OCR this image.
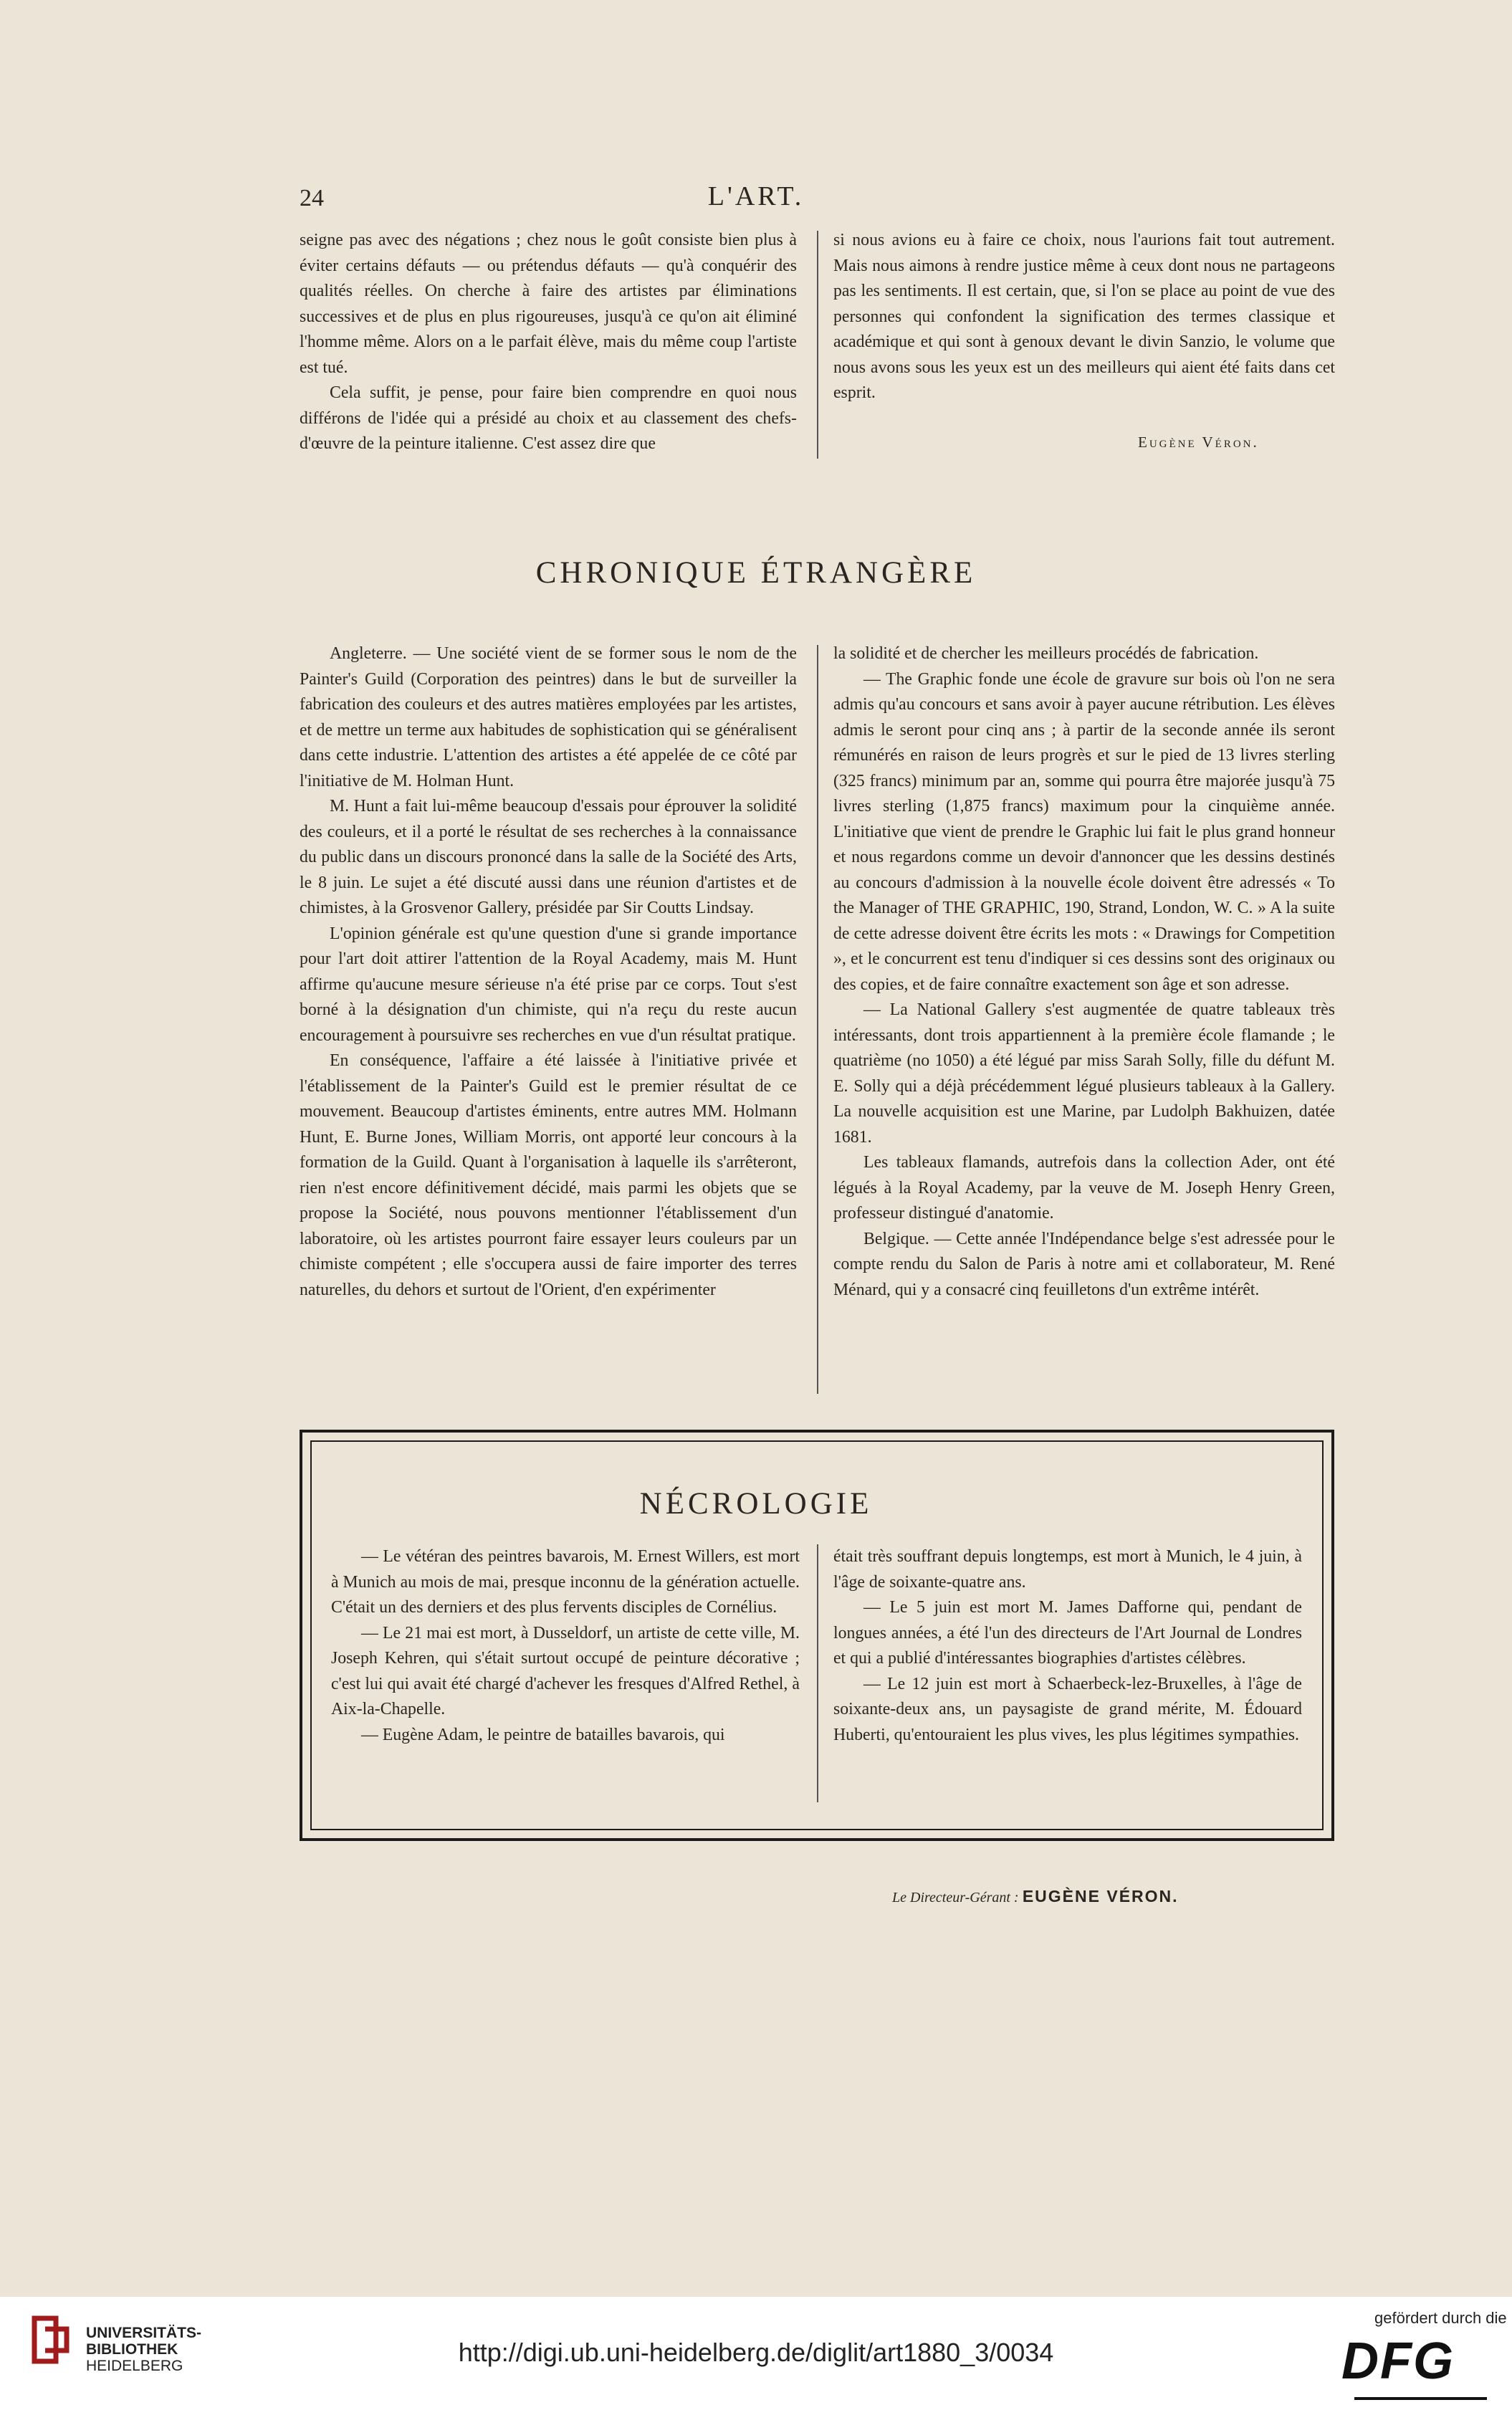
24	L'ART.

seigne pas avec des négations ; chez nous le goût consiste bien plus à éviter certains défauts — ou prétendus défauts — qu'à conquérir des qualités réelles. On cherche à faire des artistes par éliminations successives et de plus en plus rigoureuses, jusqu'à ce qu'on ait éliminé l'homme même. Alors on a le parfait élève, mais du même coup l'artiste est tué.

Cela suffit, je pense, pour faire bien comprendre en quoi nous différons de l'idée qui a présidé au choix et au classement des chefs-d'œuvre de la peinture italienne. C'est assez dire que

si nous avions eu à faire ce choix, nous l'aurions fait tout autrement. Mais nous aimons à rendre justice même à ceux dont nous ne partageons pas les sentiments. Il est certain, que, si l'on se place au point de vue des personnes qui confondent la signification des termes classique et académique et qui sont à genoux devant le divin Sanzio, le volume que nous avons sous les yeux est un des meilleurs qui aient été faits dans cet esprit.

Eugène Véron.
CHRONIQUE ÉTRANGÈRE

Angleterre. — Une société vient de se former sous le nom de the Painter's Guild (Corporation des peintres) dans le but de surveiller la fabrication des couleurs et des autres matières employées par les artistes, et de mettre un terme aux habitudes de sophistication qui se généralisent dans cette industrie. L'attention des artistes a été appelée de ce côté par l'initiative de M. Holman Hunt.

M. Hunt a fait lui-même beaucoup d'essais pour éprouver la solidité des couleurs, et il a porté le résultat de ses recherches à la connaissance du public dans un discours prononcé dans la salle de la Société des Arts, le 8 juin. Le sujet a été discuté aussi dans une réunion d'artistes et de chimistes, à la Grosvenor Gallery, présidée par Sir Coutts Lindsay.

L'opinion générale est qu'une question d'une si grande importance pour l'art doit attirer l'attention de la Royal Academy, mais M. Hunt affirme qu'aucune mesure sérieuse n'a été prise par ce corps. Tout s'est borné à la désignation d'un chimiste, qui n'a reçu du reste aucun encouragement à poursuivre ses recherches en vue d'un résultat pratique.

En conséquence, l'affaire a été laissée à l'initiative privée et l'établissement de la Painter's Guild est le premier résultat de ce mouvement. Beaucoup d'artistes éminents, entre autres MM. Holmann Hunt, E. Burne Jones, William Morris, ont apporté leur concours à la formation de la Guild. Quant à l'organisation à laquelle ils s'arrêteront, rien n'est encore définitivement décidé, mais parmi les objets que se propose la Société, nous pouvons mentionner l'établissement d'un laboratoire, où les artistes pourront faire essayer leurs couleurs par un chimiste compétent ; elle s'occupera aussi de faire importer des terres naturelles, du dehors et surtout de l'Orient, d'en expérimenter

la solidité et de chercher les meilleurs procédés de fabrication.

— The Graphic fonde une école de gravure sur bois où l'on ne sera admis qu'au concours et sans avoir à payer aucune rétribution. Les élèves admis le seront pour cinq ans ; à partir de la seconde année ils seront rémunérés en raison de leurs progrès et sur le pied de 13 livres sterling (325 francs) minimum par an, somme qui pourra être majorée jusqu'à 75 livres sterling (1,875 francs) maximum pour la cinquième année. L'initiative que vient de prendre le Graphic lui fait le plus grand honneur et nous regardons comme un devoir d'annoncer que les dessins destinés au concours d'admission à la nouvelle école doivent être adressés « To the Manager of THE GRAPHIC, 190, Strand, London, W. C. » A la suite de cette adresse doivent être écrits les mots : « Drawings for Competition », et le concurrent est tenu d'indiquer si ces dessins sont des originaux ou des copies, et de faire connaître exactement son âge et son adresse.

— La National Gallery s'est augmentée de quatre tableaux très intéressants, dont trois appartiennent à la première école flamande ; le quatrième (no 1050) a été légué par miss Sarah Solly, fille du défunt M. E. Solly qui a déjà précédemment légué plusieurs tableaux à la Gallery. La nouvelle acquisition est une Marine, par Ludolph Bakhuizen, datée 1681.

Les tableaux flamands, autrefois dans la collection Ader, ont été légués à la Royal Academy, par la veuve de M. Joseph Henry Green, professeur distingué d'anatomie.

Belgique. — Cette année l'Indépendance belge s'est adressée pour le compte rendu du Salon de Paris à notre ami et collaborateur, M. René Ménard, qui y a consacré cinq feuilletons d'un extrême intérêt.

NÉCROLOGIE

— Le vétéran des peintres bavarois, M. Ernest Willers, est mort à Munich au mois de mai, presque inconnu de la génération actuelle. C'était un des derniers et des plus fervents disciples de Cornélius.

— Le 21 mai est mort, à Dusseldorf, un artiste de cette ville, M. Joseph Kehren, qui s'était surtout occupé de peinture décorative ; c'est lui qui avait été chargé d'achever les fresques d'Alfred Rethel, à Aix-la-Chapelle.

— Eugène Adam, le peintre de batailles bavarois, qui

était très souffrant depuis longtemps, est mort à Munich, le 4 juin, à l'âge de soixante-quatre ans.

— Le 5 juin est mort M. James Dafforne qui, pendant de longues années, a été l'un des directeurs de l'Art Journal de Londres et qui a publié d'intéressantes biographies d'artistes célèbres.

— Le 12 juin est mort à Schaerbeck-lez-Bruxelles, à l'âge de soixante-deux ans, un paysagiste de grand mérite, M. Édouard Huberti, qu'entouraient les plus vives, les plus légitimes sympathies.

Le Directeur-Gérant : EUGÈNE VÉRON.
UNIVERSITÄTS-
BIBLIOTHEK
HEIDELBERG	http://digi.ub.uni-heidelberg.de/diglit/art1880_3/0034
gefördert durch die
DFG
